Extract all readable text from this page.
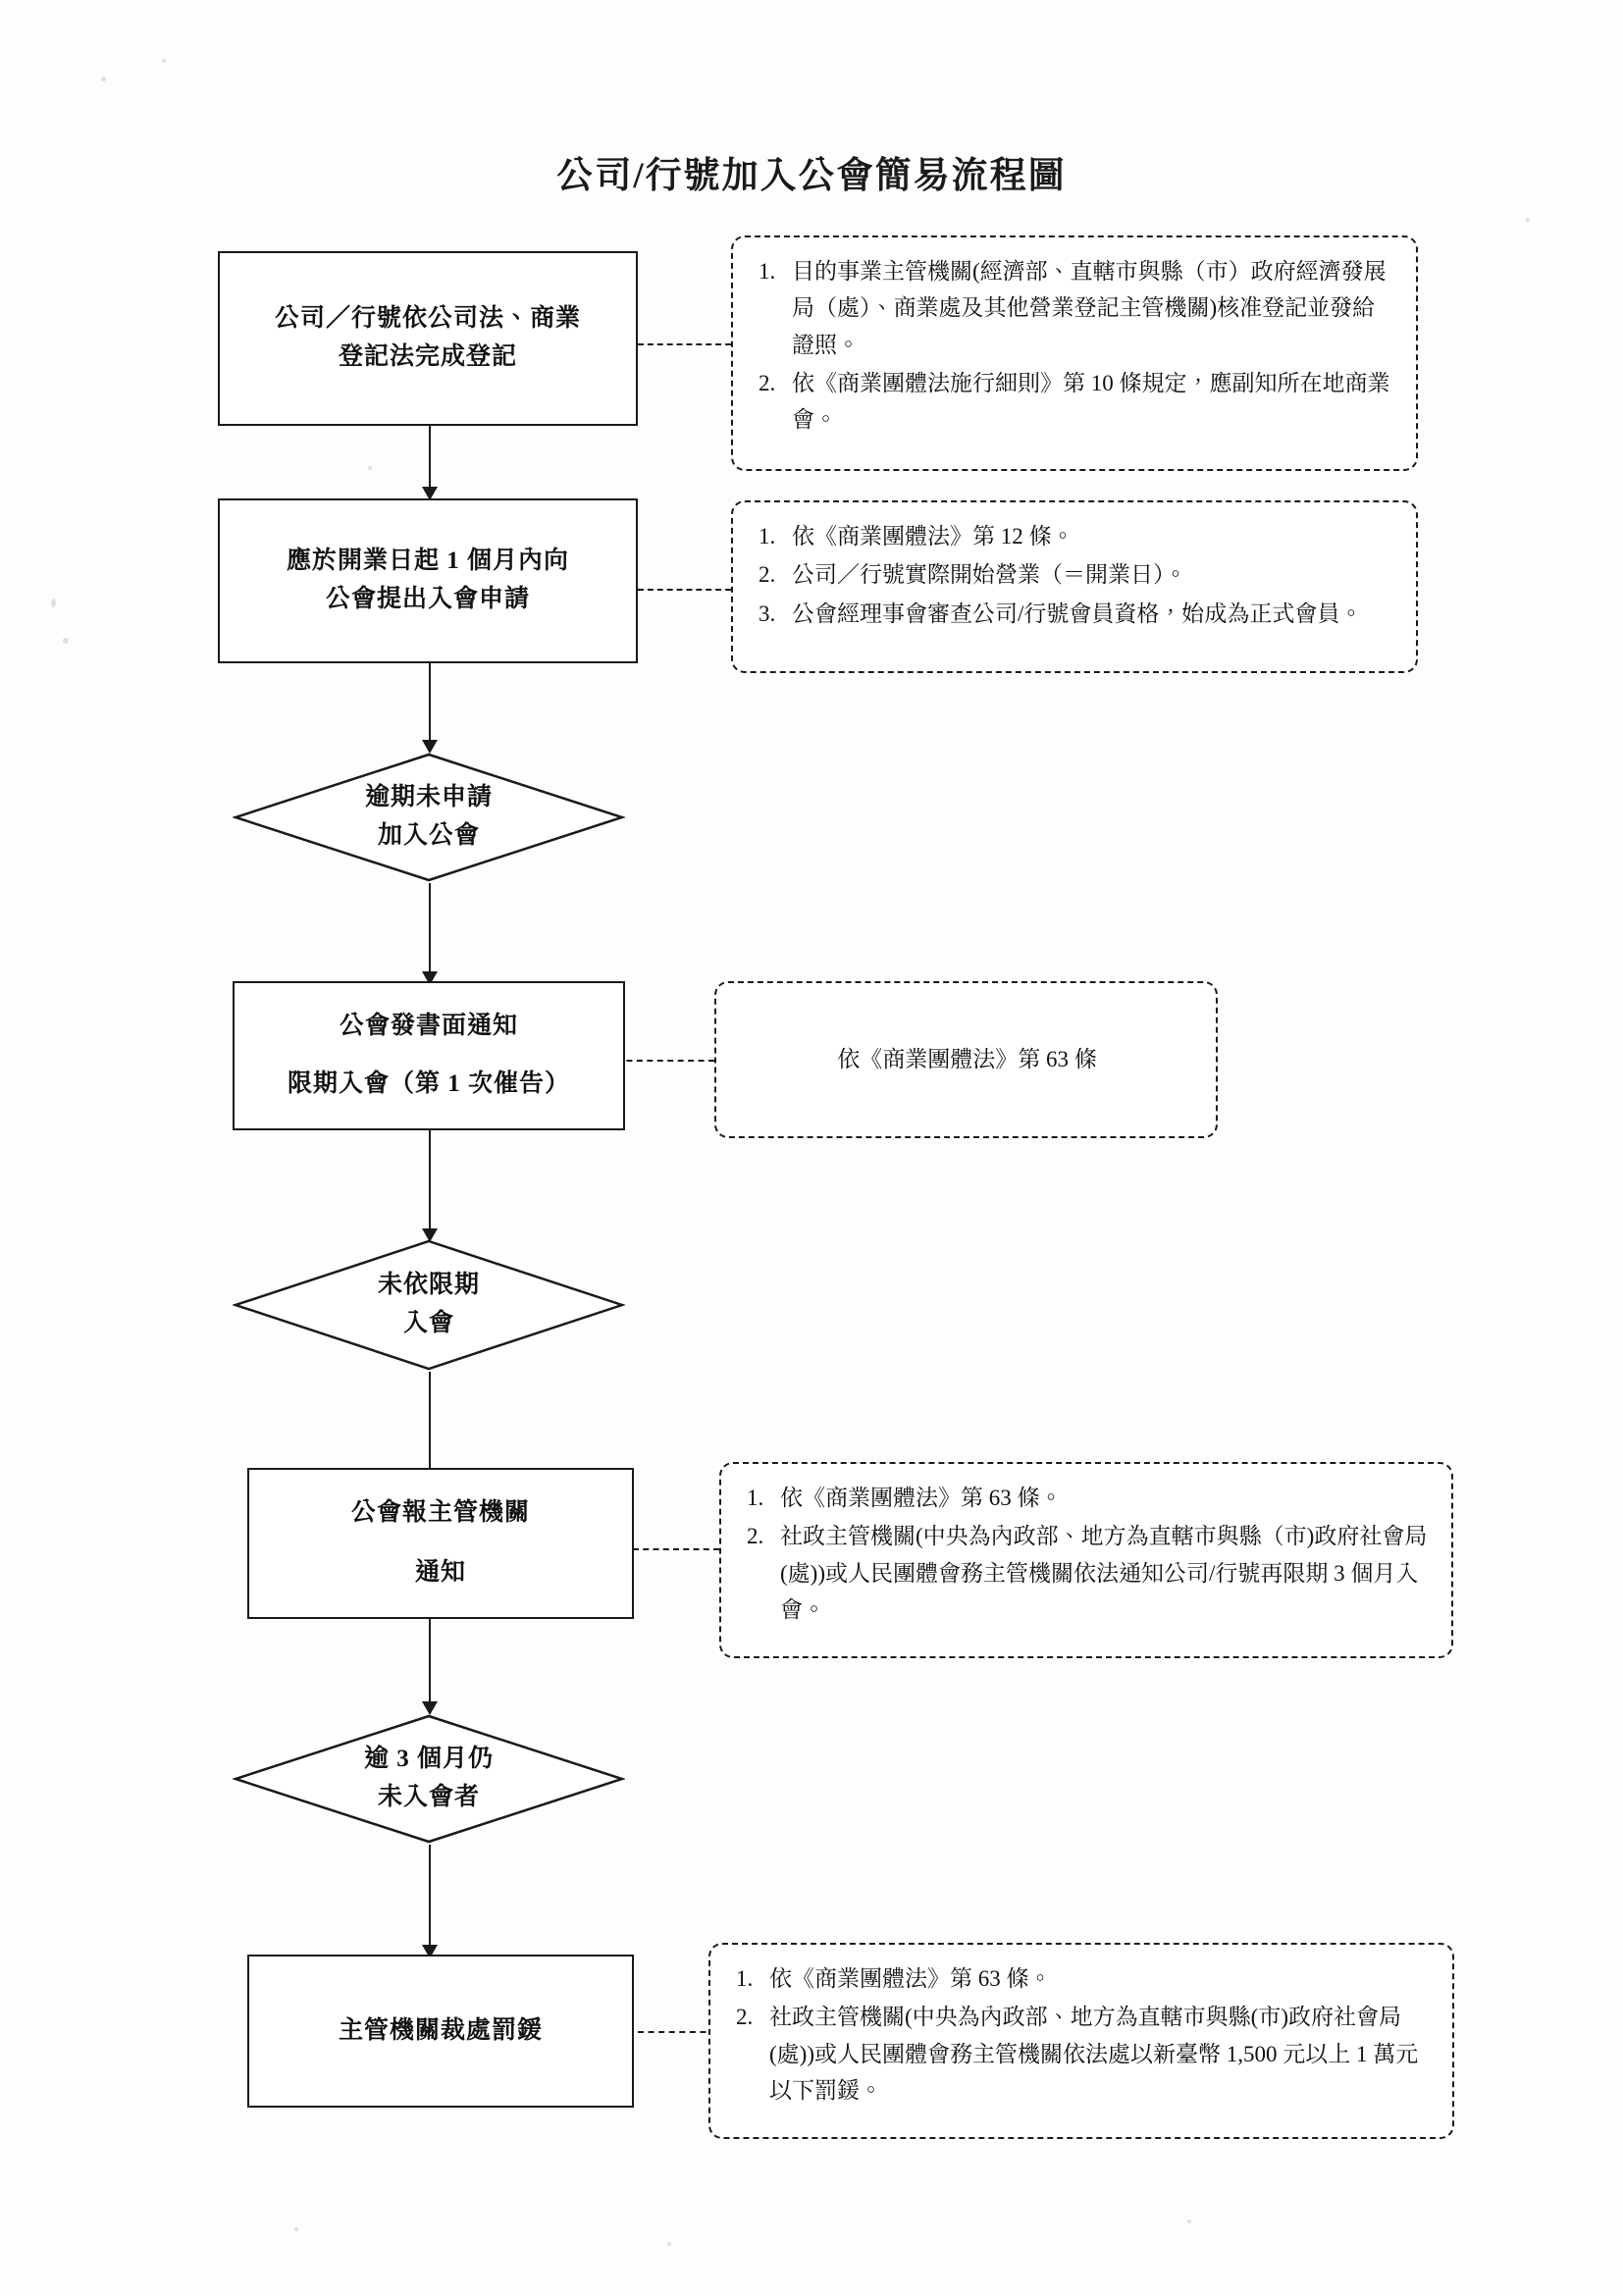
公司/行號加入公會簡易流程圖
公司／行號依公司法、商業
登記法完成登記
應於開業日起 1 個月內向
公會提出入會申請
逾期未申請
加入公會
公會發書面通知
限期入會（第 1 次催告）
未依限期
入會
公會報主管機關
通知
逾 3 個月仍
未入會者
主管機關裁處罰鍰
目的事業主管機關(經濟部、直轄市與縣（市）政府經濟發展局（處）、商業處及其他營業登記主管機關)核准登記並發給證照。
依《商業團體法施行細則》第 10 條規定，應副知所在地商業會。
依《商業團體法》第 12 條。
公司／行號實際開始營業（＝開業日）。
公會經理事會審查公司/行號會員資格，始成為正式會員。
依《商業團體法》第 63 條
依《商業團體法》第 63 條。
社政主管機關(中央為內政部、地方為直轄市與縣（市)政府社會局(處))或人民團體會務主管機關依法通知公司/行號再限期 3 個月入會。
依《商業團體法》第 63 條。
社政主管機關(中央為內政部、地方為直轄市與縣(市)政府社會局(處))或人民團體會務主管機關依法處以新臺幣 1,500 元以上 1 萬元以下罰鍰。
